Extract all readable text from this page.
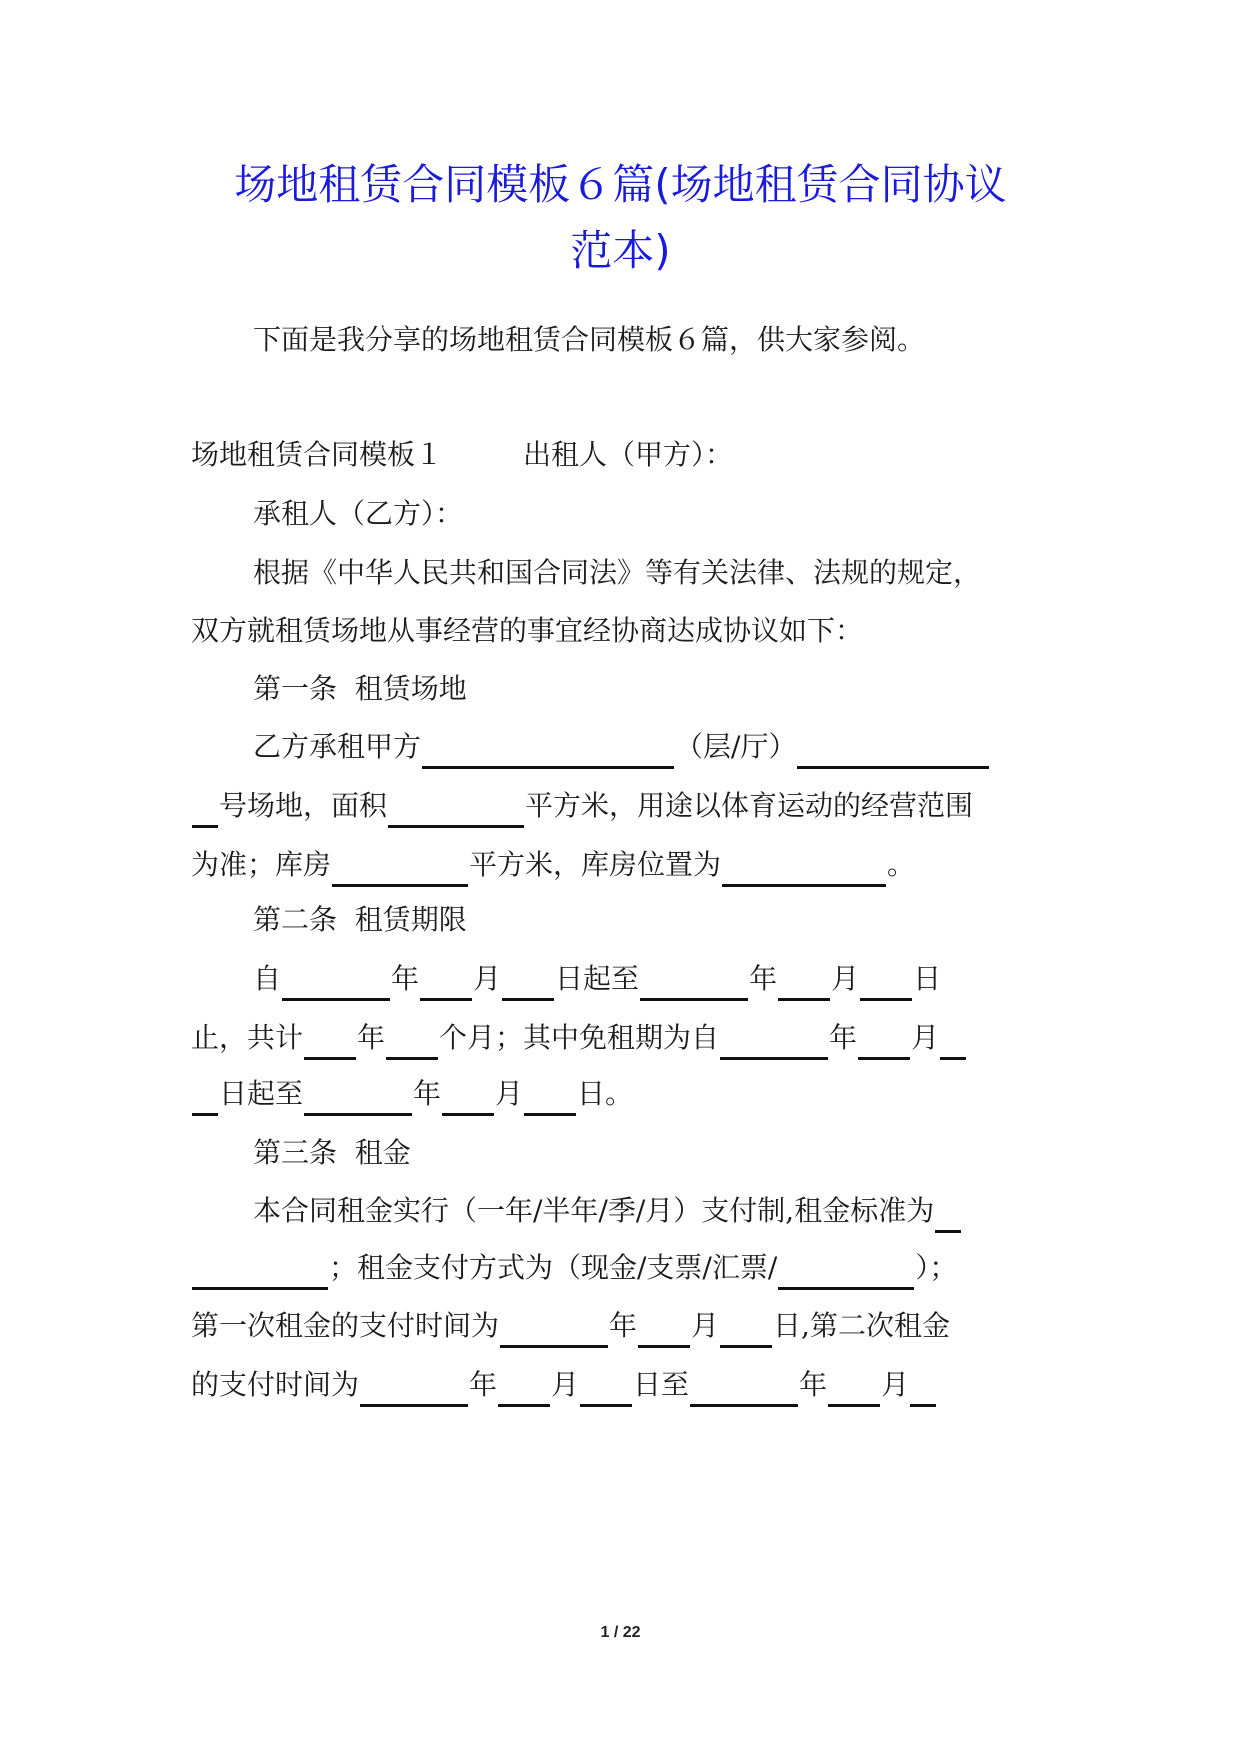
场地租赁合同模板６篇(场地租赁合同协议
范本)
下面是我分享的场地租赁合同模板６篇，供大家参阅。
场地租赁合同模板１	出租人（甲方）：
承租人（乙方）：
根据《中华人民共和国合同法》等有关法律、法规的规定，
双方就租赁场地从事经营的事宜经协商达成协议如下：
第一条  租赁场地
乙方承租甲方	（层/厅）
号场地，面积	平方米，用途以体育运动的经营范围
为准；库房	平方米，库房位置为	。
第二条  租赁期限
自	年 月 日起至	年 月 日
止，共计 年 个月；其中免租期为自	年 月
日起至	年 月 日。
第三条  租金
本合同租金实行（一年/半年/季/月）支付制,租金标准为
；租金支付方式为（现金/支票/汇票/	）；
第一次租金的支付时间为	年 月 日,第二次租金
的支付时间为	年 月 日至	年 月
1 / 22
